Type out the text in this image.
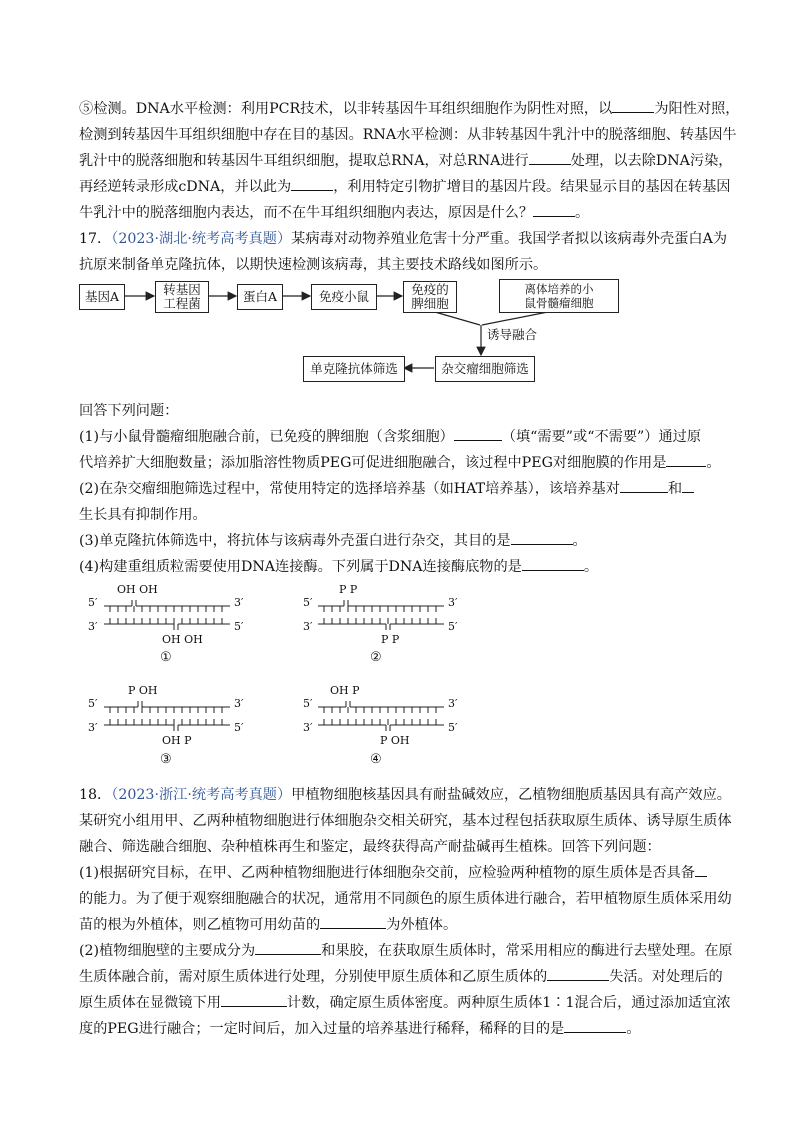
⑤检测。DNA水平检测：利用PCR技术，以非转基因牛耳组织细胞作为阴性对照，以	为阳性对照，
检测到转基因牛耳组织细胞中存在目的基因。RNA水平检测：从非转基因牛乳汁中的脱落细胞、转基因牛
乳汁中的脱落细胞和转基因牛耳组织细胞，提取总RNA，对总RNA进行	处理，以去除DNA污染，
再经逆转录形成cDNA，并以此为	，利用特定引物扩增目的基因片段。结果显示目的基因在转基因
牛乳汁中的脱落细胞内表达，而不在牛耳组织细胞内表达，原因是什么？	。
17．（2023·湖北·统考高考真题）某病毒对动物养殖业危害十分严重。我国学者拟以该病毒外壳蛋白A为
抗原来制备单克隆抗体，以期快速检测该病毒，其主要技术路线如图所示。
基因A	转基因
工程菌	蛋白A	免疫小鼠	免疫的
脾细胞
离体培养的小
鼠骨髓瘤细胞
诱导融合
杂交瘤细胞筛选
单克隆抗体筛选
回答下列问题：
(1)与小鼠骨髓瘤细胞融合前，已免疫的脾细胞（含浆细胞）	（填“需要”或“不需要”）通过原
代培养扩大细胞数量；添加脂溶性物质PEG可促进细胞融合，该过程中PEG对细胞膜的作用是	。
(2)在杂交瘤细胞筛选过程中，常使用特定的选择培养基（如HAT培养基），该培养基对	和
生长具有抑制作用。
(3)单克隆抗体筛选中，将抗体与该病毒外壳蛋白进行杂交，其目的是	。
(4)构建重组质粒需要使用DNA连接酶。下列属于DNA连接酶底物的是	。
5′	3′
3′	5′
OH OH
OH OH
①
5′	3′
3′	5′
P P
P P
②
5′	3′
3′	5′
P OH
OH P
③
5′	3′
3′	5′
OH P
P OH
④
18．（2023·浙江·统考高考真题）甲植物细胞核基因具有耐盐碱效应，乙植物细胞质基因具有高产效应。
某研究小组用甲、乙两种植物细胞进行体细胞杂交相关研究，基本过程包括获取原生质体、诱导原生质体
融合、筛选融合细胞、杂种植株再生和鉴定，最终获得高产耐盐碱再生植株。回答下列问题：
(1)根据研究目标，在甲、乙两种植物细胞进行体细胞杂交前，应检验两种植物的原生质体是否具备
的能力。为了便于观察细胞融合的状况，通常用不同颜色的原生质体进行融合，若甲植物原生质体采用幼
苗的根为外植体，则乙植物可用幼苗的	为外植体。
(2)植物细胞壁的主要成分为	和果胶，在获取原生质体时，常采用相应的酶进行去壁处理。在原
生质体融合前，需对原生质体进行处理，分别使甲原生质体和乙原生质体的	失活。对处理后的
原生质体在显微镜下用	计数，确定原生质体密度。两种原生质体1∶1混合后，通过添加适宜浓
度的PEG进行融合；一定时间后，加入过量的培养基进行稀释，稀释的目的是	。
